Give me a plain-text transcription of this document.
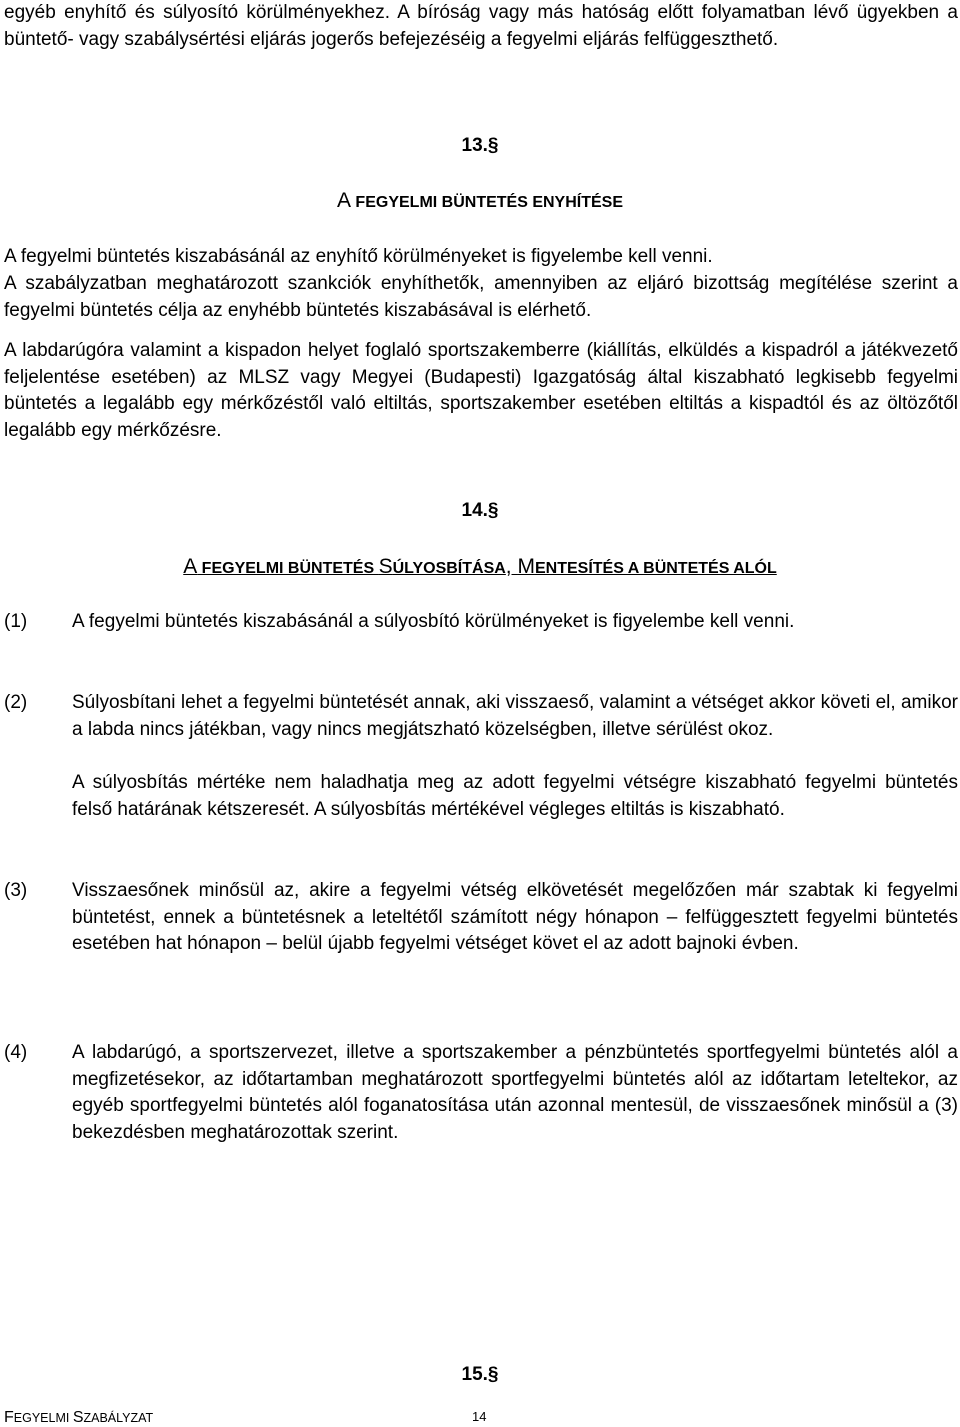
egyéb enyhítő és súlyosító körülményekhez. A bíróság vagy más hatóság előtt folyamatban lévő ügyekben a büntető- vagy szabálysértési eljárás jogerős befejezéséig a fegyelmi eljárás felfüggeszthető.

13.§
A FEGYELMI BÜNTETÉS ENYHÍTÉSE

A fegyelmi büntetés kiszabásánál az enyhítő körülményeket is figyelembe kell venni.

A szabályzatban meghatározott szankciók enyhíthetők, amennyiben az eljáró bizottság megítélése szerint a fegyelmi büntetés célja az enyhébb büntetés kiszabásával is elérhető.

A labdarúgóra valamint a kispadon helyet foglaló sportszakemberre (kiállítás, elküldés a kispadról a játékvezető feljelentése esetében) az MLSZ vagy Megyei (Budapesti) Igazgatóság által kiszabható legkisebb fegyelmi büntetés a legalább egy mérkőzéstől való eltiltás, sportszakember esetében eltiltás a kispadtól és az öltözőtől legalább egy mérkőzésre.

14.§
A FEGYELMI BÜNTETÉS SÚLYOSBÍTÁSA, MENTESÍTÉS A BÜNTETÉS ALÓL
(1)	A fegyelmi büntetés kiszabásánál a súlyosbító körülményeket is figyelembe kell venni.

(2)	Súlyosbítani lehet a fegyelmi büntetését annak, aki visszaeső, valamint a vétséget akkor követi el, amikor a labda nincs játékban, vagy nincs megjátszható közelségben, illetve sérülést okoz.

A súlyosbítás mértéke nem haladhatja meg az adott fegyelmi vétségre kiszabható fegyelmi büntetés felső határának kétszeresét. A súlyosbítás mértékével végleges eltiltás is kiszabható.

(3)	Visszaesőnek minősül az, akire a fegyelmi vétség elkövetését megelőzően már szabtak ki fegyelmi büntetést, ennek a büntetésnek a leteltétől számított négy hónapon – felfüggesztett fegyelmi büntetés esetében hat hónapon – belül újabb fegyelmi vétséget követ el az adott bajnoki évben.

(4)	A labdarúgó, a sportszervezet, illetve a sportszakember a pénzbüntetés sportfegyelmi büntetés alól a megfizetésekor, az időtartamban meghatározott sportfegyelmi büntetés alól az időtartam leteltekor, az egyéb sportfegyelmi büntetés alól foganatosítása után azonnal mentesül, de visszaesőnek minősül a (3) bekezdésben meghatározottak szerint.

15.§
FEGYELMI SZABÁLYZAT	14
